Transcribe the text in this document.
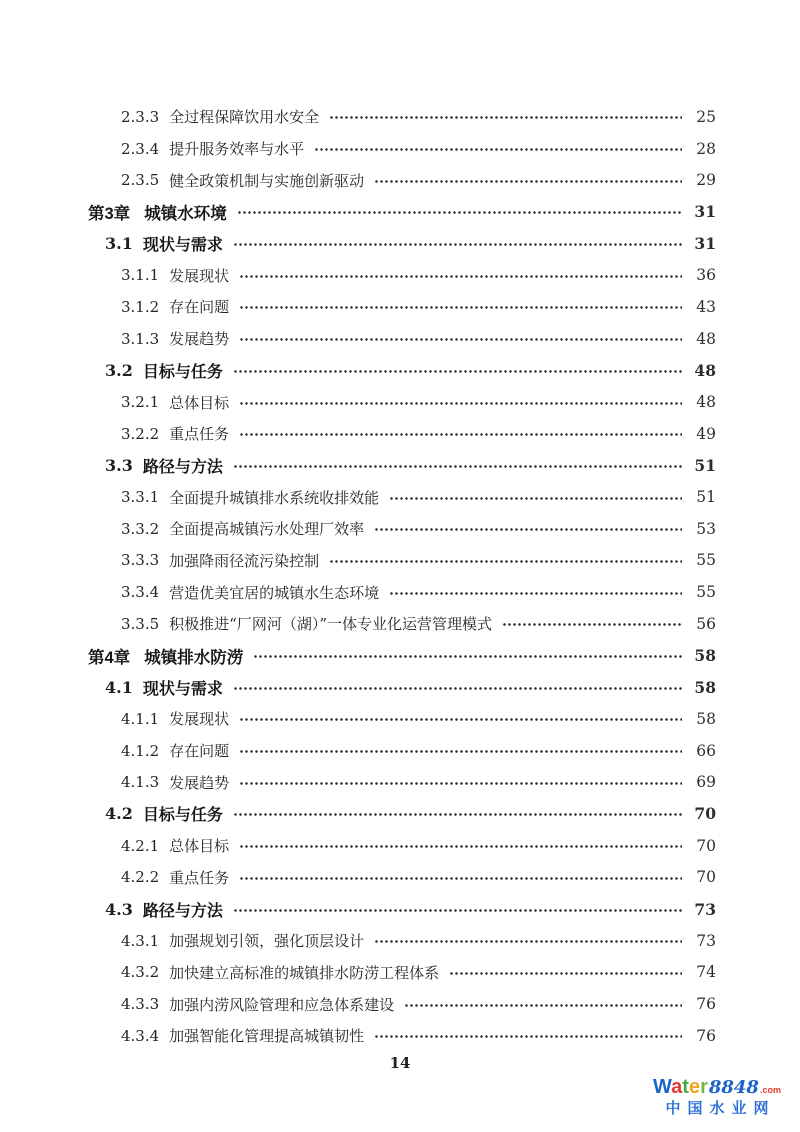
2.3.3 全过程保障饮用水安全	25
2.3.4 提升服务效率与水平	28
2.3.5 健全政策机制与实施创新驱动	29
第3章 城镇水环境	31
3.1 现状与需求	31
3.1.1 发展现状	36
3.1.2 存在问题	43
3.1.3 发展趋势	48
3.2 目标与任务	48
3.2.1 总体目标	48
3.2.2 重点任务	49
3.3 路径与方法	51
3.3.1 全面提升城镇排水系统收排效能	51
3.3.2 全面提高城镇污水处理厂效率	53
3.3.3 加强降雨径流污染控制	55
3.3.4 营造优美宜居的城镇水生态环境	55
3.3.5 积极推进“厂网河（湖）”一体专业化运营管理模式	56
第4章 城镇排水防涝	58
4.1 现状与需求	58
4.1.1 发展现状	58
4.1.2 存在问题	66
4.1.3 发展趋势	69
4.2 目标与任务	70
4.2.1 总体目标	70
4.2.2 重点任务	70
4.3 路径与方法	73
4.3.1 加强规划引领，强化顶层设计	73
4.3.2 加快建立高标准的城镇排水防涝工程体系	74
4.3.3 加强内涝风险管理和应急体系建设	76
4.3.4 加强智能化管理提高城镇韧性	76
14
Water 8848 .com
中国水业网
